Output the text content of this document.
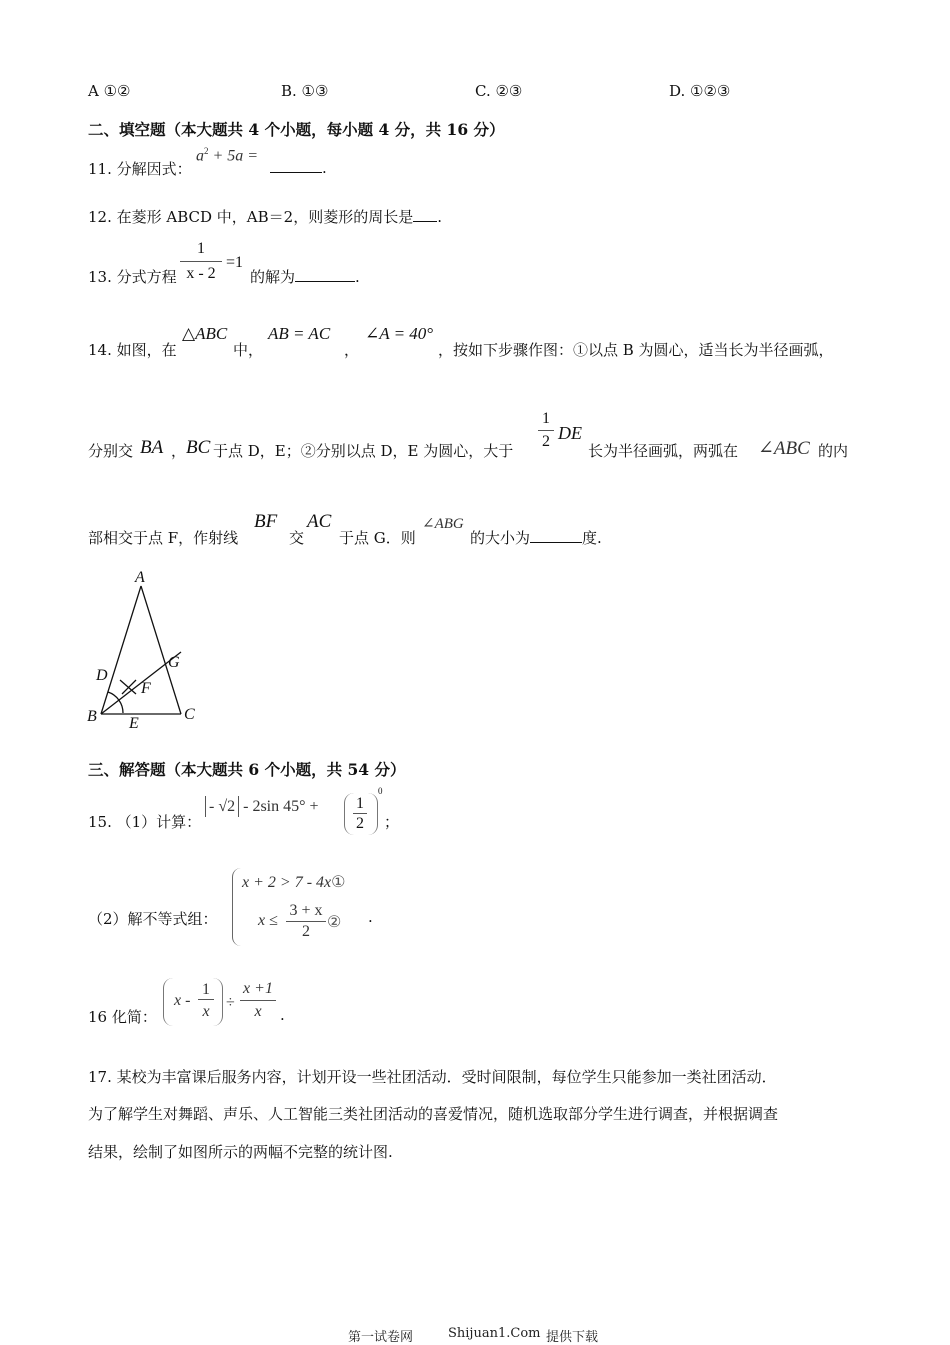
A ①②	B. ①③	C. ②③	D. ①②③
二、填空题（本大题共 4 个小题，每小题 4 分，共 16 分）
11. 分解因式：
$a^2 + 5a$ =
.
12. 在菱形 ABCD 中，AB＝2，则菱形的周长是 .
13. 分式方程 $\frac{1}{x - 2} =1$
的解为	.
14. 如图，在
△ABC
中，
AB = AC
，
∠A = 40°
，按如下步骤作图：①以点 B 为圆心，适当长为半径画弧，
分别交 BA ， BC 于点 D，E；②分别以点 D，E 为圆心，大于 $\frac{1}{2}$ DE
长为半径画弧，两弧在 ∠ABC 的内
部相交于点 F，作射线
BF
交
AC
于点 G．则
∠ABG
的大小为	度.
A
B	C
D
E
F
G
三、解答题（本大题共 6 个小题，共 54 分）
15. （1）计算：
- √2 - 2sin $45^\circ + \frac{1}{2}$
0
；
（2）解不等式组：
x + 2 > 7 - 4x①
$x \le \frac{3 + x}{2}$ ② .
16 化简：
x -
1
x
÷
x +1
x	.
17. 某校为丰富课后服务内容，计划开设一些社团活动．受时间限制，每位学生只能参加一类社团活动．
为了解学生对舞蹈、声乐、人工智能三类社团活动的喜爱情况，随机选取部分学生进行调查，并根据调查
结果，绘制了如图所示的两幅不完整的统计图.
第一试卷网	Shijuan1.Com 提供下载
